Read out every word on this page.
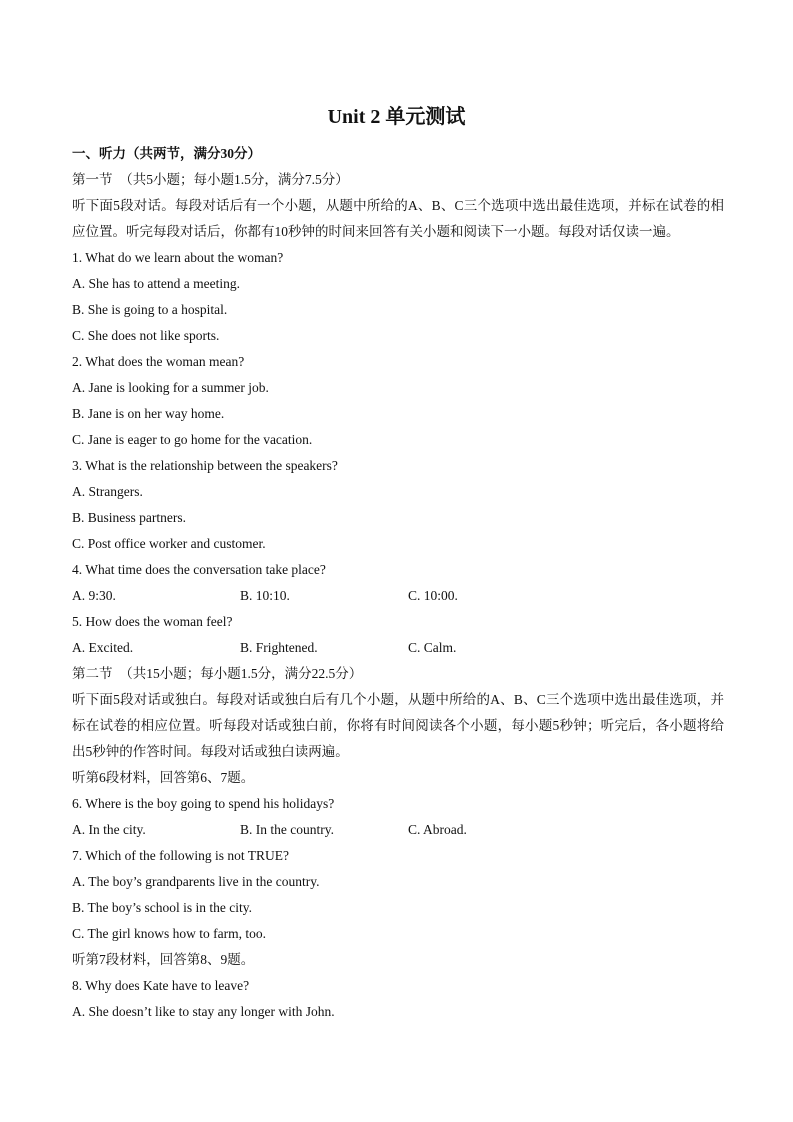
Unit 2 单元测试
一、听力（共两节，满分30分）
第一节　（共5小题；每小题1.5分，满分7.5分）
听下面5段对话。每段对话后有一个小题，从题中所给的A、B、C三个选项中选出最佳选项，并标在试卷的相应位置。听完每段对话后，你都有10秒钟的时间来回答有关小题和阅读下一小题。每段对话仅读一遍。
1. What do we learn about the woman?
A. She has to attend a meeting.
B. She is going to a hospital.
C. She does not like sports.
2. What does the woman mean?
A. Jane is looking for a summer job.
B. Jane is on her way home.
C. Jane is eager to go home for the vacation.
3. What is the relationship between the speakers?
A. Strangers.
B. Business partners.
C. Post office worker and customer.
4. What time does the conversation take place?
A. 9:30.	B. 10:10.	C. 10:00.
5. How does the woman feel?
A. Excited.	B. Frightened.	C. Calm.
第二节　（共15小题；每小题1.5分，满分22.5分）
听下面5段对话或独白。每段对话或独白后有几个小题，从题中所给的A、B、C三个选项中选出最佳选项，并标在试卷的相应位置。听每段对话或独白前，你将有时间阅读各个小题，每小题5秒钟；听完后，各小题将给出5秒钟的作答时间。每段对话或独白读两遍。
听第6段材料，回答第6、7题。
6. Where is the boy going to spend his holidays?
A. In the city.	B. In the country.	C. Abroad.
7. Which of the following is not TRUE?
A. The boy’s grandparents live in the country.
B. The boy’s school is in the city.
C. The girl knows how to farm, too.
听第7段材料，回答第8、9题。
8. Why does Kate have to leave?
A. She doesn’t like to stay any longer with John.
